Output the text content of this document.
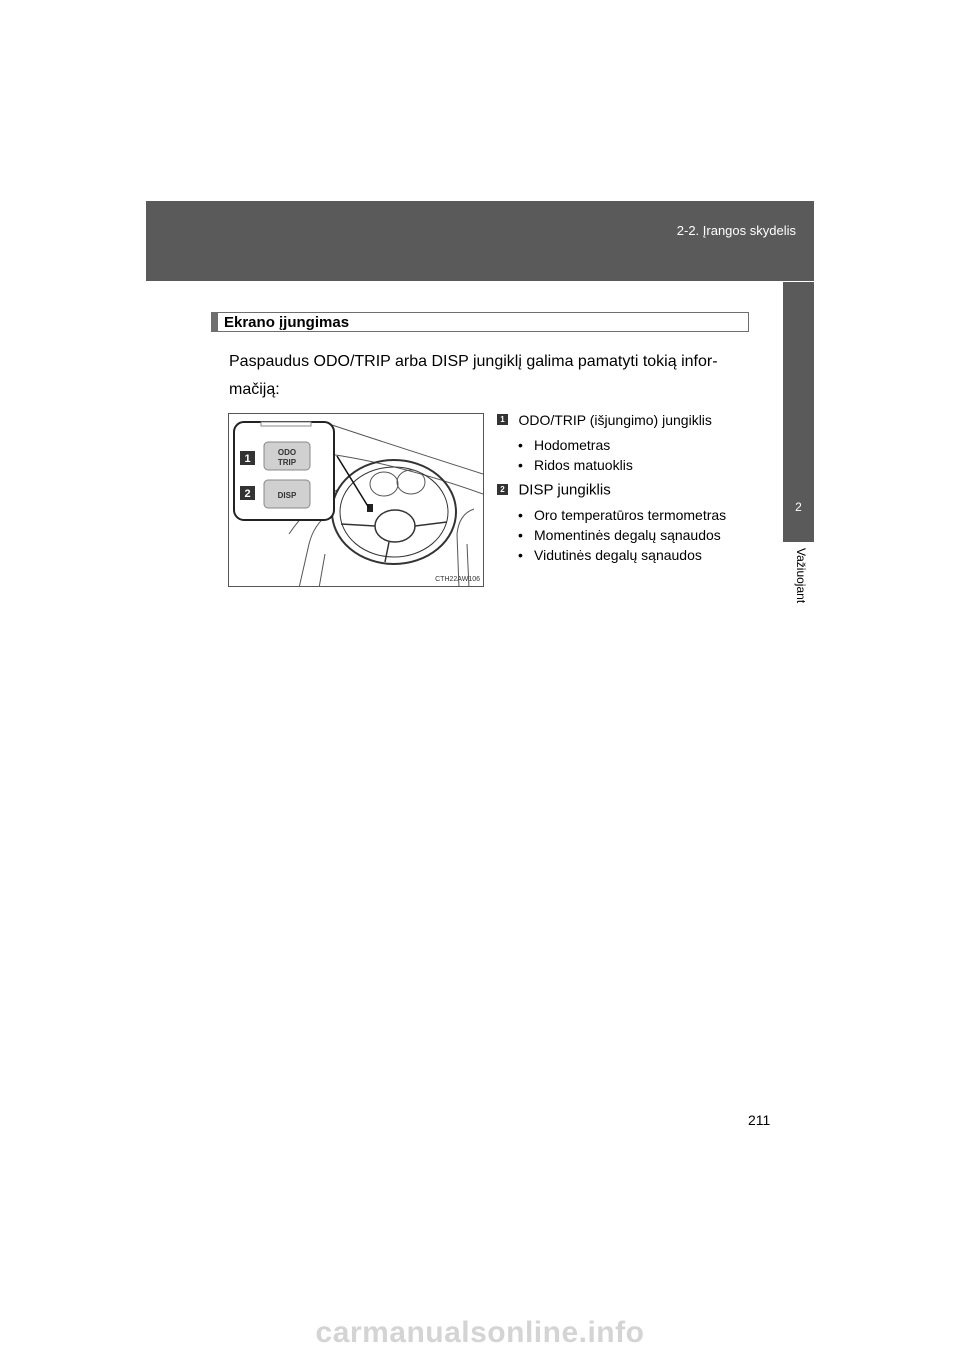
2-2. Įrangos skydelis
2
Važiuojant
Ekrano įjungimas
Paspaudus ODO/TRIP arba DISP jungiklį galima pamatyti tokią infor-mačiją:
1
ODO
TRIP
2	DISP
CTH22AW106
1 ODO/TRIP (išjungimo) jungiklis
• Hodometras
• Ridos matuoklis
2 DISP jungiklis
• Oro temperatūros termometras
• Momentinės degalų sąnaudos
• Vidutinės degalų sąnaudos
211
carmanualsonline.info
